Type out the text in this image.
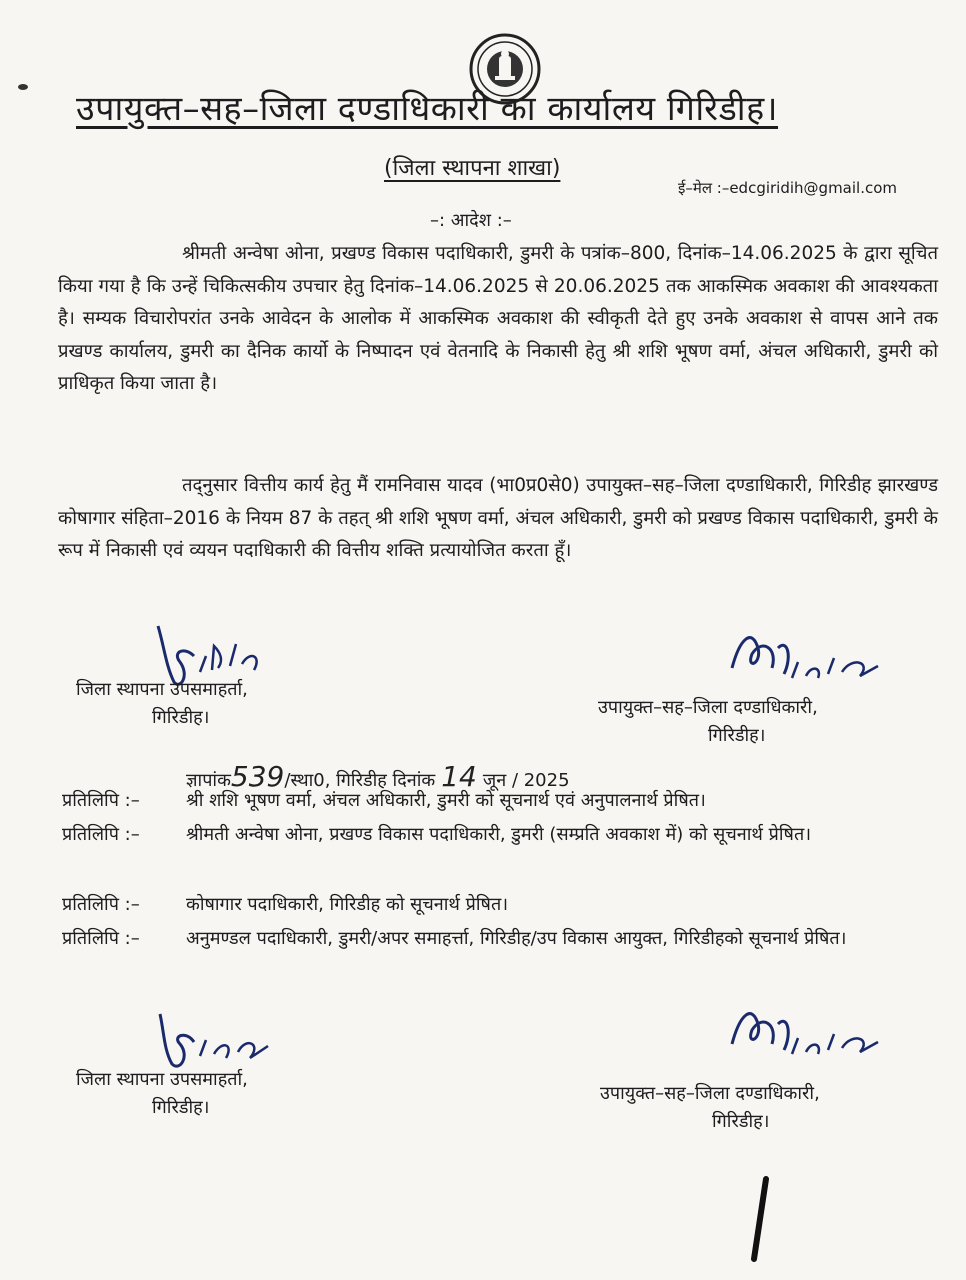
उपायुक्त–सह–जिला दण्डाधिकारी का कार्यालय गिरिडीह।
(जिला स्थापना शाखा)
ई–मेल :–edcgiridih@gmail.com
–: आदेश :–

श्रीमती अन्वेषा ओना, प्रखण्ड विकास पदाधिकारी, डुमरी के पत्रांक–800, दिनांक–14.06.2025 के द्वारा सूचित किया गया है कि उन्हें चिकित्सकीय उपचार हेतु दिनांक–14.06.2025 से 20.06.2025 तक आकस्मिक अवकाश की आवश्यकता है। सम्यक विचारोपरांत उनके आवेदन के आलोक में आकस्मिक अवकाश की स्वीकृती देते हुए उनके अवकाश से वापस आने तक प्रखण्ड कार्यालय, डुमरी का दैनिक कार्यो के निष्पादन एवं वेतनादि के निकासी हेतु श्री शशि भूषण वर्मा, अंचल अधिकारी, डुमरी को प्राधिकृत किया जाता है।

तद्नुसार वित्तीय कार्य हेतु मैं रामनिवास यादव (भा0प्र0से0) उपायुक्त–सह–जिला दण्डाधिकारी, गिरिडीह झारखण्ड कोषागार संहिता–2016 के नियम 87 के तहत् श्री शशि भूषण वर्मा, अंचल अधिकारी, डुमरी को प्रखण्ड विकास पदाधिकारी, डुमरी के रूप में निकासी एवं व्ययन पदाधिकारी की वित्तीय शक्ति प्रत्यायोजित करता हूँ।

जिला स्थापना उपसमाहर्ता,
गिरिडीह।	उपायुक्त–सह–जिला दण्डाधिकारी,
गिरिडीह।
ज्ञापांक539/स्था0, गिरिडीह दिनांक 14 जून / 2025
प्रतिलिपि :–	श्री शशि भूषण वर्मा, अंचल अधिकारी, डुमरी को सूचनार्थ एवं अनुपालनार्थ प्रेषित।
प्रतिलिपि :–	श्रीमती अन्वेषा ओना, प्रखण्ड विकास पदाधिकारी, डुमरी (सम्प्रति अवकाश में) को सूचनार्थ प्रेषित।
प्रतिलिपि :–	कोषागार पदाधिकारी, गिरिडीह को सूचनार्थ प्रेषित।
प्रतिलिपि :–	अनुमण्डल पदाधिकारी, डुमरी/अपर समाहर्त्ता, गिरिडीह/उप विकास आयुक्त, गिरिडीहको सूचनार्थ प्रेषित।
जिला स्थापना उपसमाहर्ता,
गिरिडीह।
उपायुक्त–सह–जिला दण्डाधिकारी,
गिरिडीह।
